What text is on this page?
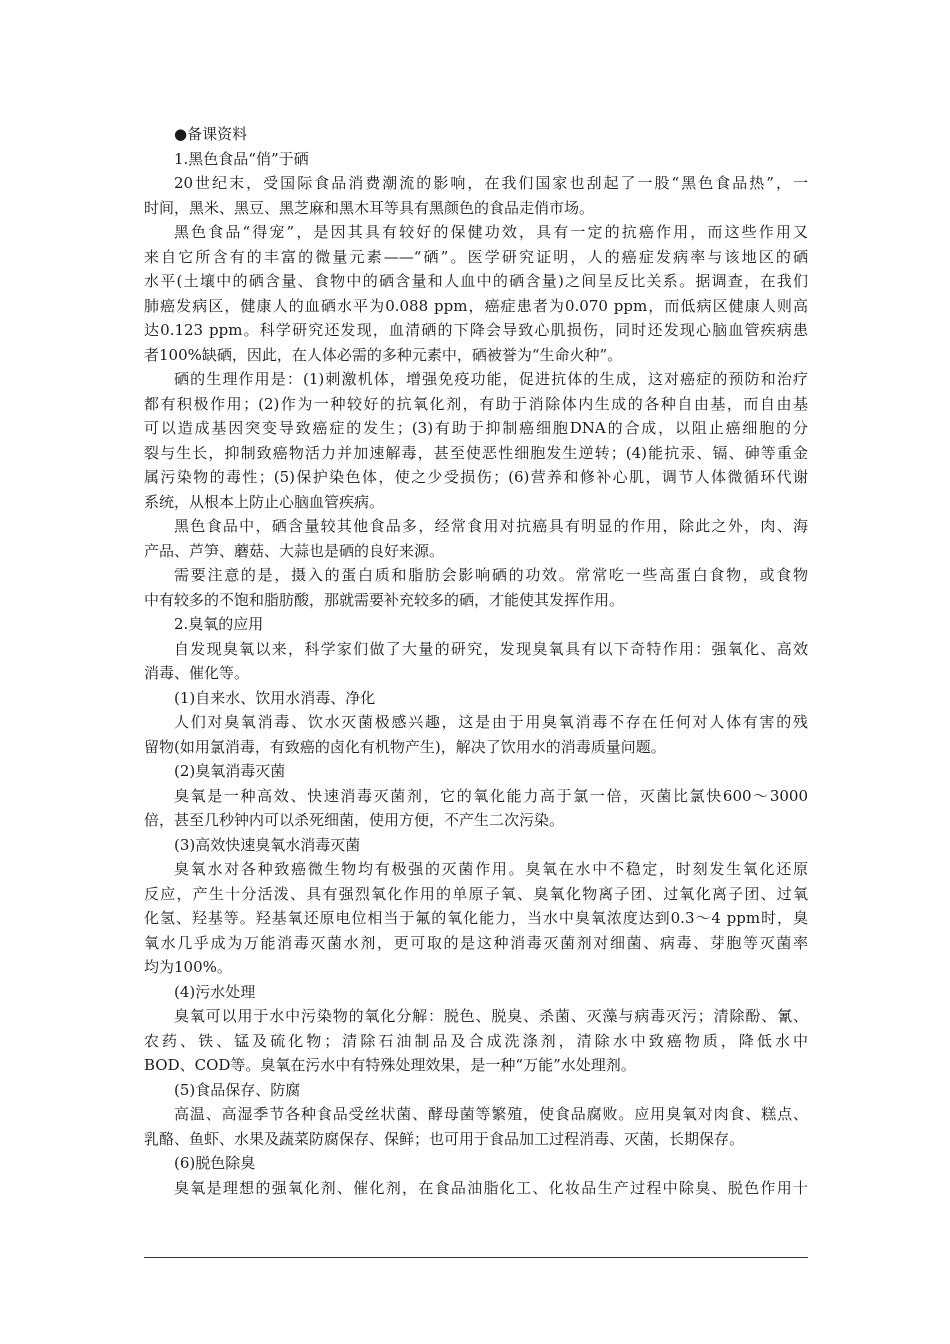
●备课资料
1.黑色食品“俏”于硒
20世纪末，受国际食品消费潮流的影响，在我们国家也刮起了一股“黑色食品热”，一
时间，黑米、黑豆、黑芝麻和黑木耳等具有黑颜色的食品走俏市场。
黑色食品“得宠”，是因其具有较好的保健功效，具有一定的抗癌作用，而这些作用又
来自它所含有的丰富的微量元素——“硒”。医学研究证明，人的癌症发病率与该地区的硒
水平(土壤中的硒含量、食物中的硒含量和人血中的硒含量)之间呈反比关系。据调查，在我们
肺癌发病区，健康人的血硒水平为0.088 ppm，癌症患者为0.070 ppm，而低病区健康人则高
达0.123 ppm。科学研究还发现，血清硒的下降会导致心肌损伤，同时还发现心脑血管疾病患
者100%缺硒，因此，在人体必需的多种元素中，硒被誉为“生命火种”。
硒的生理作用是：(1)刺激机体，增强免疫功能，促进抗体的生成，这对癌症的预防和治疗
都有积极作用；(2)作为一种较好的抗氧化剂，有助于消除体内生成的各种自由基，而自由基
可以造成基因突变导致癌症的发生；(3)有助于抑制癌细胞DNA的合成，以阻止癌细胞的分
裂与生长，抑制致癌物活力并加速解毒，甚至使恶性细胞发生逆转；(4)能抗汞、镉、砷等重金
属污染物的毒性；(5)保护染色体，使之少受损伤；(6)营养和修补心肌，调节人体微循环代谢
系统，从根本上防止心脑血管疾病。
黑色食品中，硒含量较其他食品多，经常食用对抗癌具有明显的作用，除此之外，肉、海
产品、芦笋、蘑菇、大蒜也是硒的良好来源。
需要注意的是，摄入的蛋白质和脂肪会影响硒的功效。常常吃一些高蛋白食物，或食物
中有较多的不饱和脂肪酸，那就需要补充较多的硒，才能使其发挥作用。
2.臭氧的应用
自发现臭氧以来，科学家们做了大量的研究，发现臭氧具有以下奇特作用：强氧化、高效
消毒、催化等。
(1)自来水、饮用水消毒、净化
人们对臭氧消毒、饮水灭菌极感兴趣，这是由于用臭氧消毒不存在任何对人体有害的残
留物(如用氯消毒，有致癌的卤化有机物产生)，解决了饮用水的消毒质量问题。
(2)臭氧消毒灭菌
臭氧是一种高效、快速消毒灭菌剂，它的氧化能力高于氯一倍，灭菌比氯快600～3000
倍，甚至几秒钟内可以杀死细菌，使用方便，不产生二次污染。
(3)高效快速臭氧水消毒灭菌
臭氧水对各种致癌微生物均有极强的灭菌作用。臭氧在水中不稳定，时刻发生氧化还原
反应，产生十分活泼、具有强烈氧化作用的单原子氧、臭氧化物离子团、过氧化离子团、过氧
化氢、羟基等。羟基氧还原电位相当于氟的氧化能力，当水中臭氧浓度达到0.3～4 ppm时，臭
氧水几乎成为万能消毒灭菌水剂，更可取的是这种消毒灭菌剂对细菌、病毒、芽胞等灭菌率
均为100%。
(4)污水处理
臭氧可以用于水中污染物的氧化分解：脱色、脱臭、杀菌、灭藻与病毒灭污；清除酚、氰、
农药、铁、锰及硫化物；清除石油制品及合成洗涤剂，清除水中致癌物质，降低水中
BOD、COD等。臭氧在污水中有特殊处理效果，是一种“万能”水处理剂。
(5)食品保存、防腐
高温、高湿季节各种食品受丝状菌、酵母菌等繁殖，使食品腐败。应用臭氧对肉食、糕点、
乳酪、鱼虾、水果及蔬菜防腐保存、保鲜；也可用于食品加工过程消毒、灭菌，长期保存。
(6)脱色除臭
臭氧是理想的强氧化剂、催化剂，在食品油脂化工、化妆品生产过程中除臭、脱色作用十
